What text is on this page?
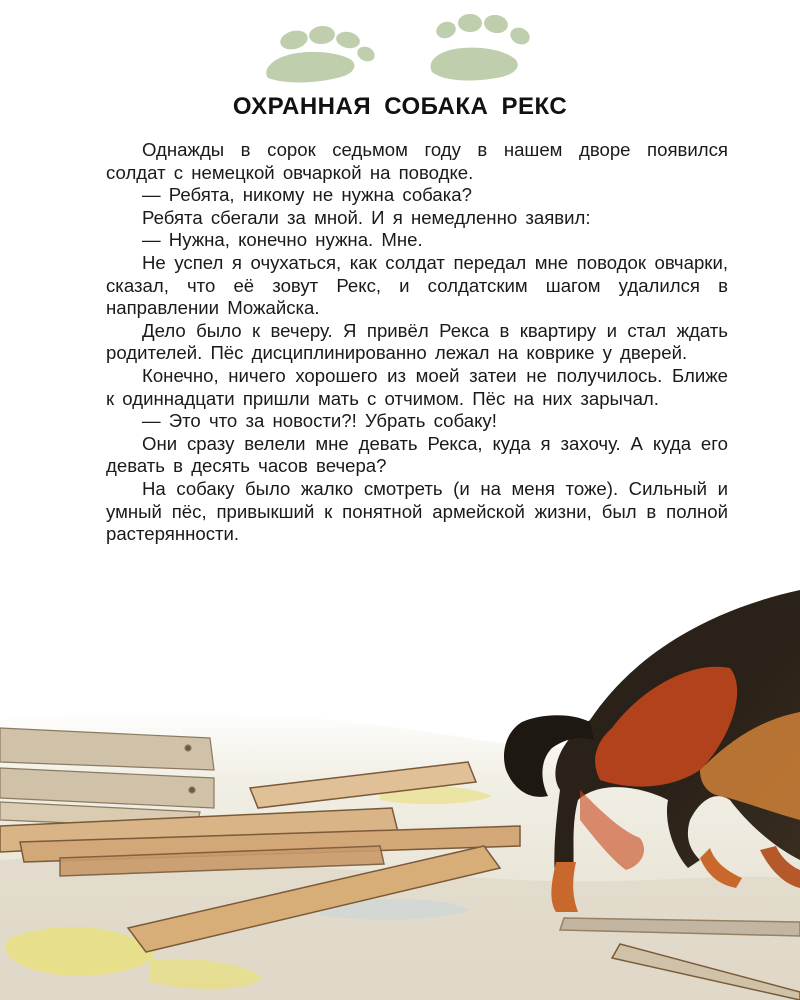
ОХРАННАЯ СОБАКА РЕКС

Однажды в сорок седьмом году в нашем дворе появился солдат с немецкой овчаркой на поводке.

— Ребята, никому не нужна собака?

Ребята сбегали за мной. И я немедленно заявил:

— Нужна, конечно нужна. Мне.

Не успел я очухаться, как солдат передал мне поводок овчарки, сказал, что её зовут Рекс, и солдатским шагом удалился в направлении Можайска.

Дело было к вечеру. Я привёл Рекса в квартиру и стал ждать родителей. Пёс дисциплинированно лежал на коврике у дверей.

Конечно, ничего хорошего из моей затеи не получилось. Ближе к одиннадцати пришли мать с отчимом. Пёс на них зарычал.

— Это что за новости?! Убрать собаку!

Они сразу велели мне девать Рекса, куда я захочу. А куда его девать в десять часов вечера?

На собаку было жалко смотреть (и на меня тоже). Сильный и умный пёс, привыкший к понятной армейской жизни, был в полной растерянности.
